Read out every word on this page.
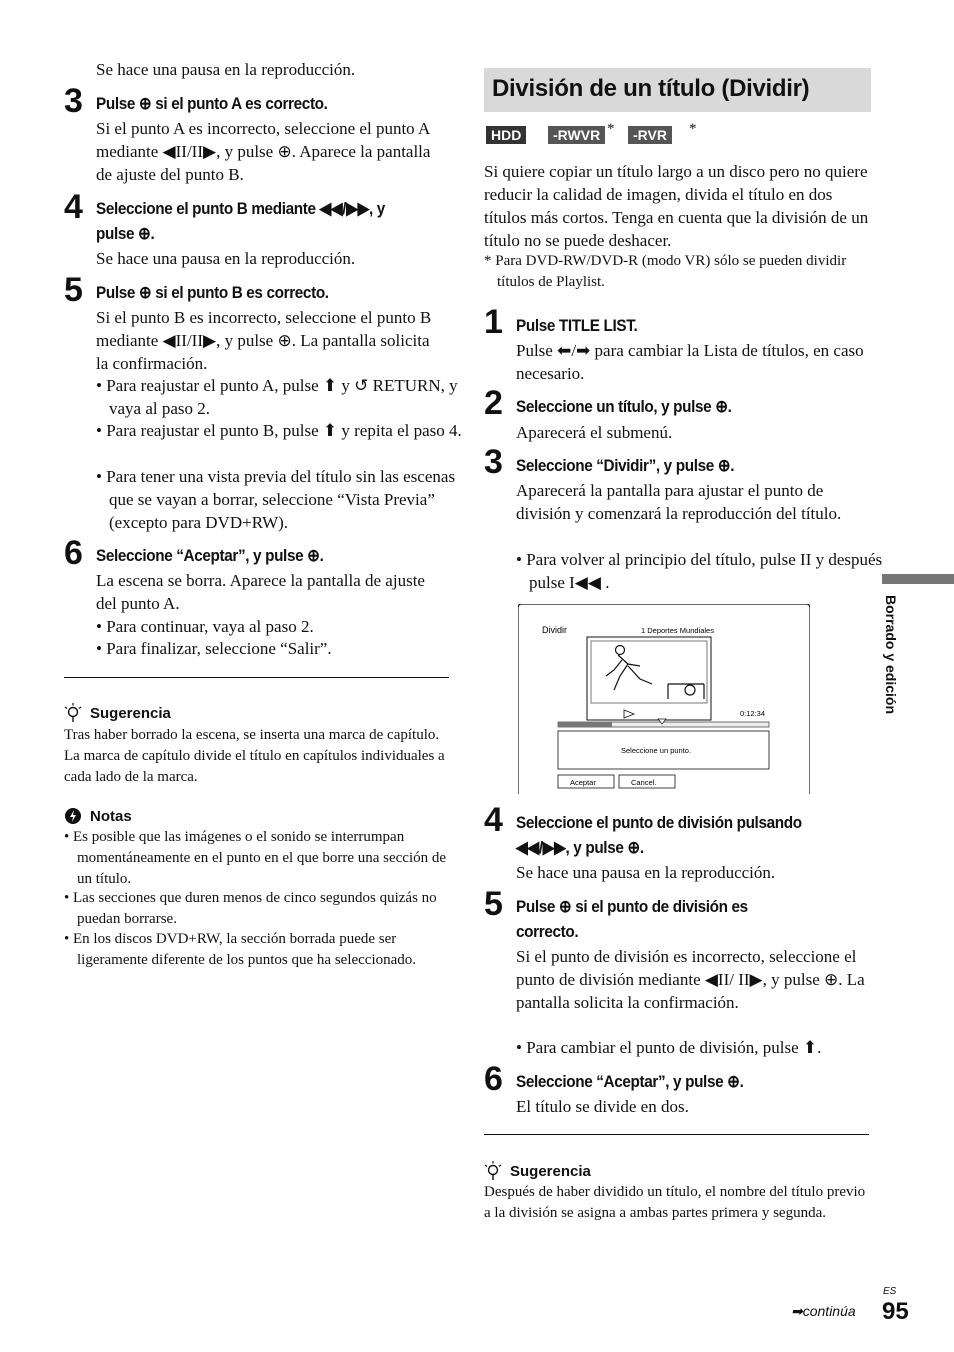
Se hace una pausa en la reproducción.
3 Pulse ⊕ si el punto A es correcto.
Si el punto A es incorrecto, seleccione el punto A mediante ◀II/II▶, y pulse ⊕. Aparece la pantalla de ajuste del punto B.
4 Seleccione el punto B mediante ◀◀/▶▶, y
pulse ⊕.
Se hace una pausa en la reproducción.
5 Pulse ⊕ si el punto B es correcto.
Si el punto B es incorrecto, seleccione el punto B mediante ◀II/II▶, y pulse ⊕. La pantalla solicita la confirmación.
• Para reajustar el punto A, pulse ⬆ y ↺ RETURN, y vaya al paso 2.
• Para reajustar el punto B, pulse ⬆ y repita el paso 4.
• Para tener una vista previa del título sin las escenas que se vayan a borrar, seleccione “Vista Previa” (excepto para DVD+RW).
6 Seleccione “Aceptar”, y pulse ⊕.
La escena se borra. Aparece la pantalla de ajuste del punto A.
• Para continuar, vaya al paso 2.
• Para finalizar, seleccione “Salir”.
Sugerencia
Tras haber borrado la escena, se inserta una marca de capítulo. La marca de capítulo divide el título en capítulos individuales a cada lado de la marca.
Notas
• Es posible que las imágenes o el sonido se interrumpan momentáneamente en el punto en el que borre una sección de un título.
• Las secciones que duren menos de cinco segundos quizás no puedan borrarse.
• En los discos DVD+RW, la sección borrada puede ser ligeramente diferente de los puntos que ha seleccionado.
División de un título (Dividir)
HDD	-RWVR *	-RVR	*
Si quiere copiar un título largo a un disco pero no quiere reducir la calidad de imagen, divida el título en dos títulos más cortos. Tenga en cuenta que la división de un título no se puede deshacer.
* Para DVD-RW/DVD-R (modo VR) sólo se pueden dividir títulos de Playlist.
1 Pulse TITLE LIST.
Pulse ⬅/➡ para cambiar la Lista de títulos, en caso necesario.
2 Seleccione un título, y pulse ⊕.
Aparecerá el submenú.
3 Seleccione “Dividir”, y pulse ⊕.
Aparecerá la pantalla para ajustar el punto de división y comenzará la reproducción del título.
• Para volver al principio del título, pulse II y después pulse I◀◀ .
4 Seleccione el punto de división pulsando
◀◀/▶▶, y pulse ⊕.
Se hace una pausa en la reproducción.
5 Pulse ⊕ si el punto de división es
correcto.
Si el punto de división es incorrecto, seleccione el punto de división mediante ◀II/ II▶, y pulse ⊕. La pantalla solicita la confirmación.
• Para cambiar el punto de división, pulse ⬆.
6 Seleccione “Aceptar”, y pulse ⊕.
El título se divide en dos.
Sugerencia
Después de haber dividido un título, el nombre del título previo a la división se asigna a ambas partes primera y segunda.
Dividir	1 Deportes Mundiales
0:12:34
Seleccione un punto.
Aceptar	Cancel.
Borrado y edición
➡continúa
ES
95
